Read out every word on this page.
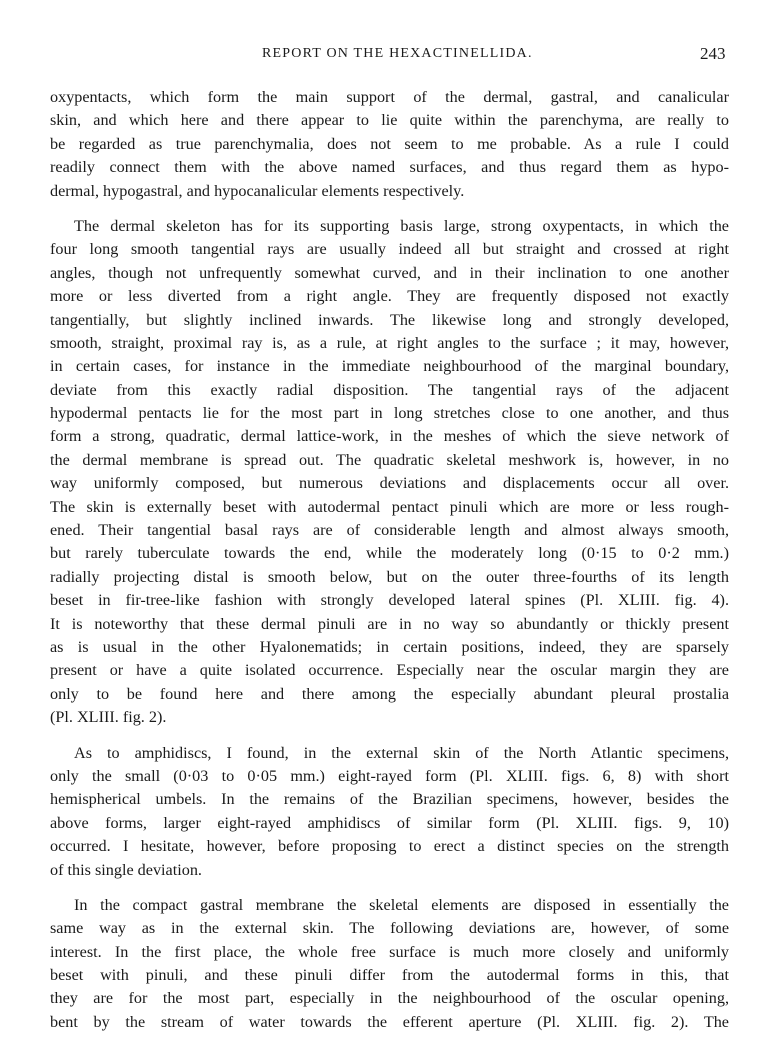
REPORT ON THE HEXACTINELLIDA.	243
oxypentacts, which form the main support of the dermal, gastral, and canalicular
skin, and which here and there appear to lie quite within the parenchyma, are really to
be regarded as true parenchymalia, does not seem to me probable. As a rule I could
readily connect them with the above named surfaces, and thus regard them as hypo-
dermal, hypogastral, and hypocanalicular elements respectively.
The dermal skeleton has for its supporting basis large, strong oxypentacts, in which the
four long smooth tangential rays are usually indeed all but straight and crossed at right
angles, though not unfrequently somewhat curved, and in their inclination to one another
more or less diverted from a right angle. They are frequently disposed not exactly
tangentially, but slightly inclined inwards. The likewise long and strongly developed,
smooth, straight, proximal ray is, as a rule, at right angles to the surface ; it may, however,
in certain cases, for instance in the immediate neighbourhood of the marginal boundary,
deviate from this exactly radial disposition. The tangential rays of the adjacent
hypodermal pentacts lie for the most part in long stretches close to one another, and thus
form a strong, quadratic, dermal lattice-work, in the meshes of which the sieve network of
the dermal membrane is spread out. The quadratic skeletal meshwork is, however, in no
way uniformly composed, but numerous deviations and displacements occur all over.
The skin is externally beset with autodermal pentact pinuli which are more or less rough-
ened. Their tangential basal rays are of considerable length and almost always smooth,
but rarely tuberculate towards the end, while the moderately long (0·15 to 0·2 mm.)
radially projecting distal is smooth below, but on the outer three-fourths of its length
beset in fir-tree-like fashion with strongly developed lateral spines (Pl. XLIII. fig. 4).
It is noteworthy that these dermal pinuli are in no way so abundantly or thickly present
as is usual in the other Hyalonematids; in certain positions, indeed, they are sparsely
present or have a quite isolated occurrence. Especially near the oscular margin they are
only to be found here and there among the especially abundant pleural prostalia
(Pl. XLIII. fig. 2).
As to amphidiscs, I found, in the external skin of the North Atlantic specimens,
only the small (0·03 to 0·05 mm.) eight-rayed form (Pl. XLIII. figs. 6, 8) with short
hemispherical umbels. In the remains of the Brazilian specimens, however, besides the
above forms, larger eight-rayed amphidiscs of similar form (Pl. XLIII. figs. 9, 10)
occurred. I hesitate, however, before proposing to erect a distinct species on the strength
of this single deviation.
In the compact gastral membrane the skeletal elements are disposed in essentially the
same way as in the external skin. The following deviations are, however, of some
interest. In the first place, the whole free surface is much more closely and uniformly
beset with pinuli, and these pinuli differ from the autodermal forms in this, that
they are for the most part, especially in the neighbourhood of the oscular opening,
bent by the stream of water towards the efferent aperture (Pl. XLIII. fig. 2). The
